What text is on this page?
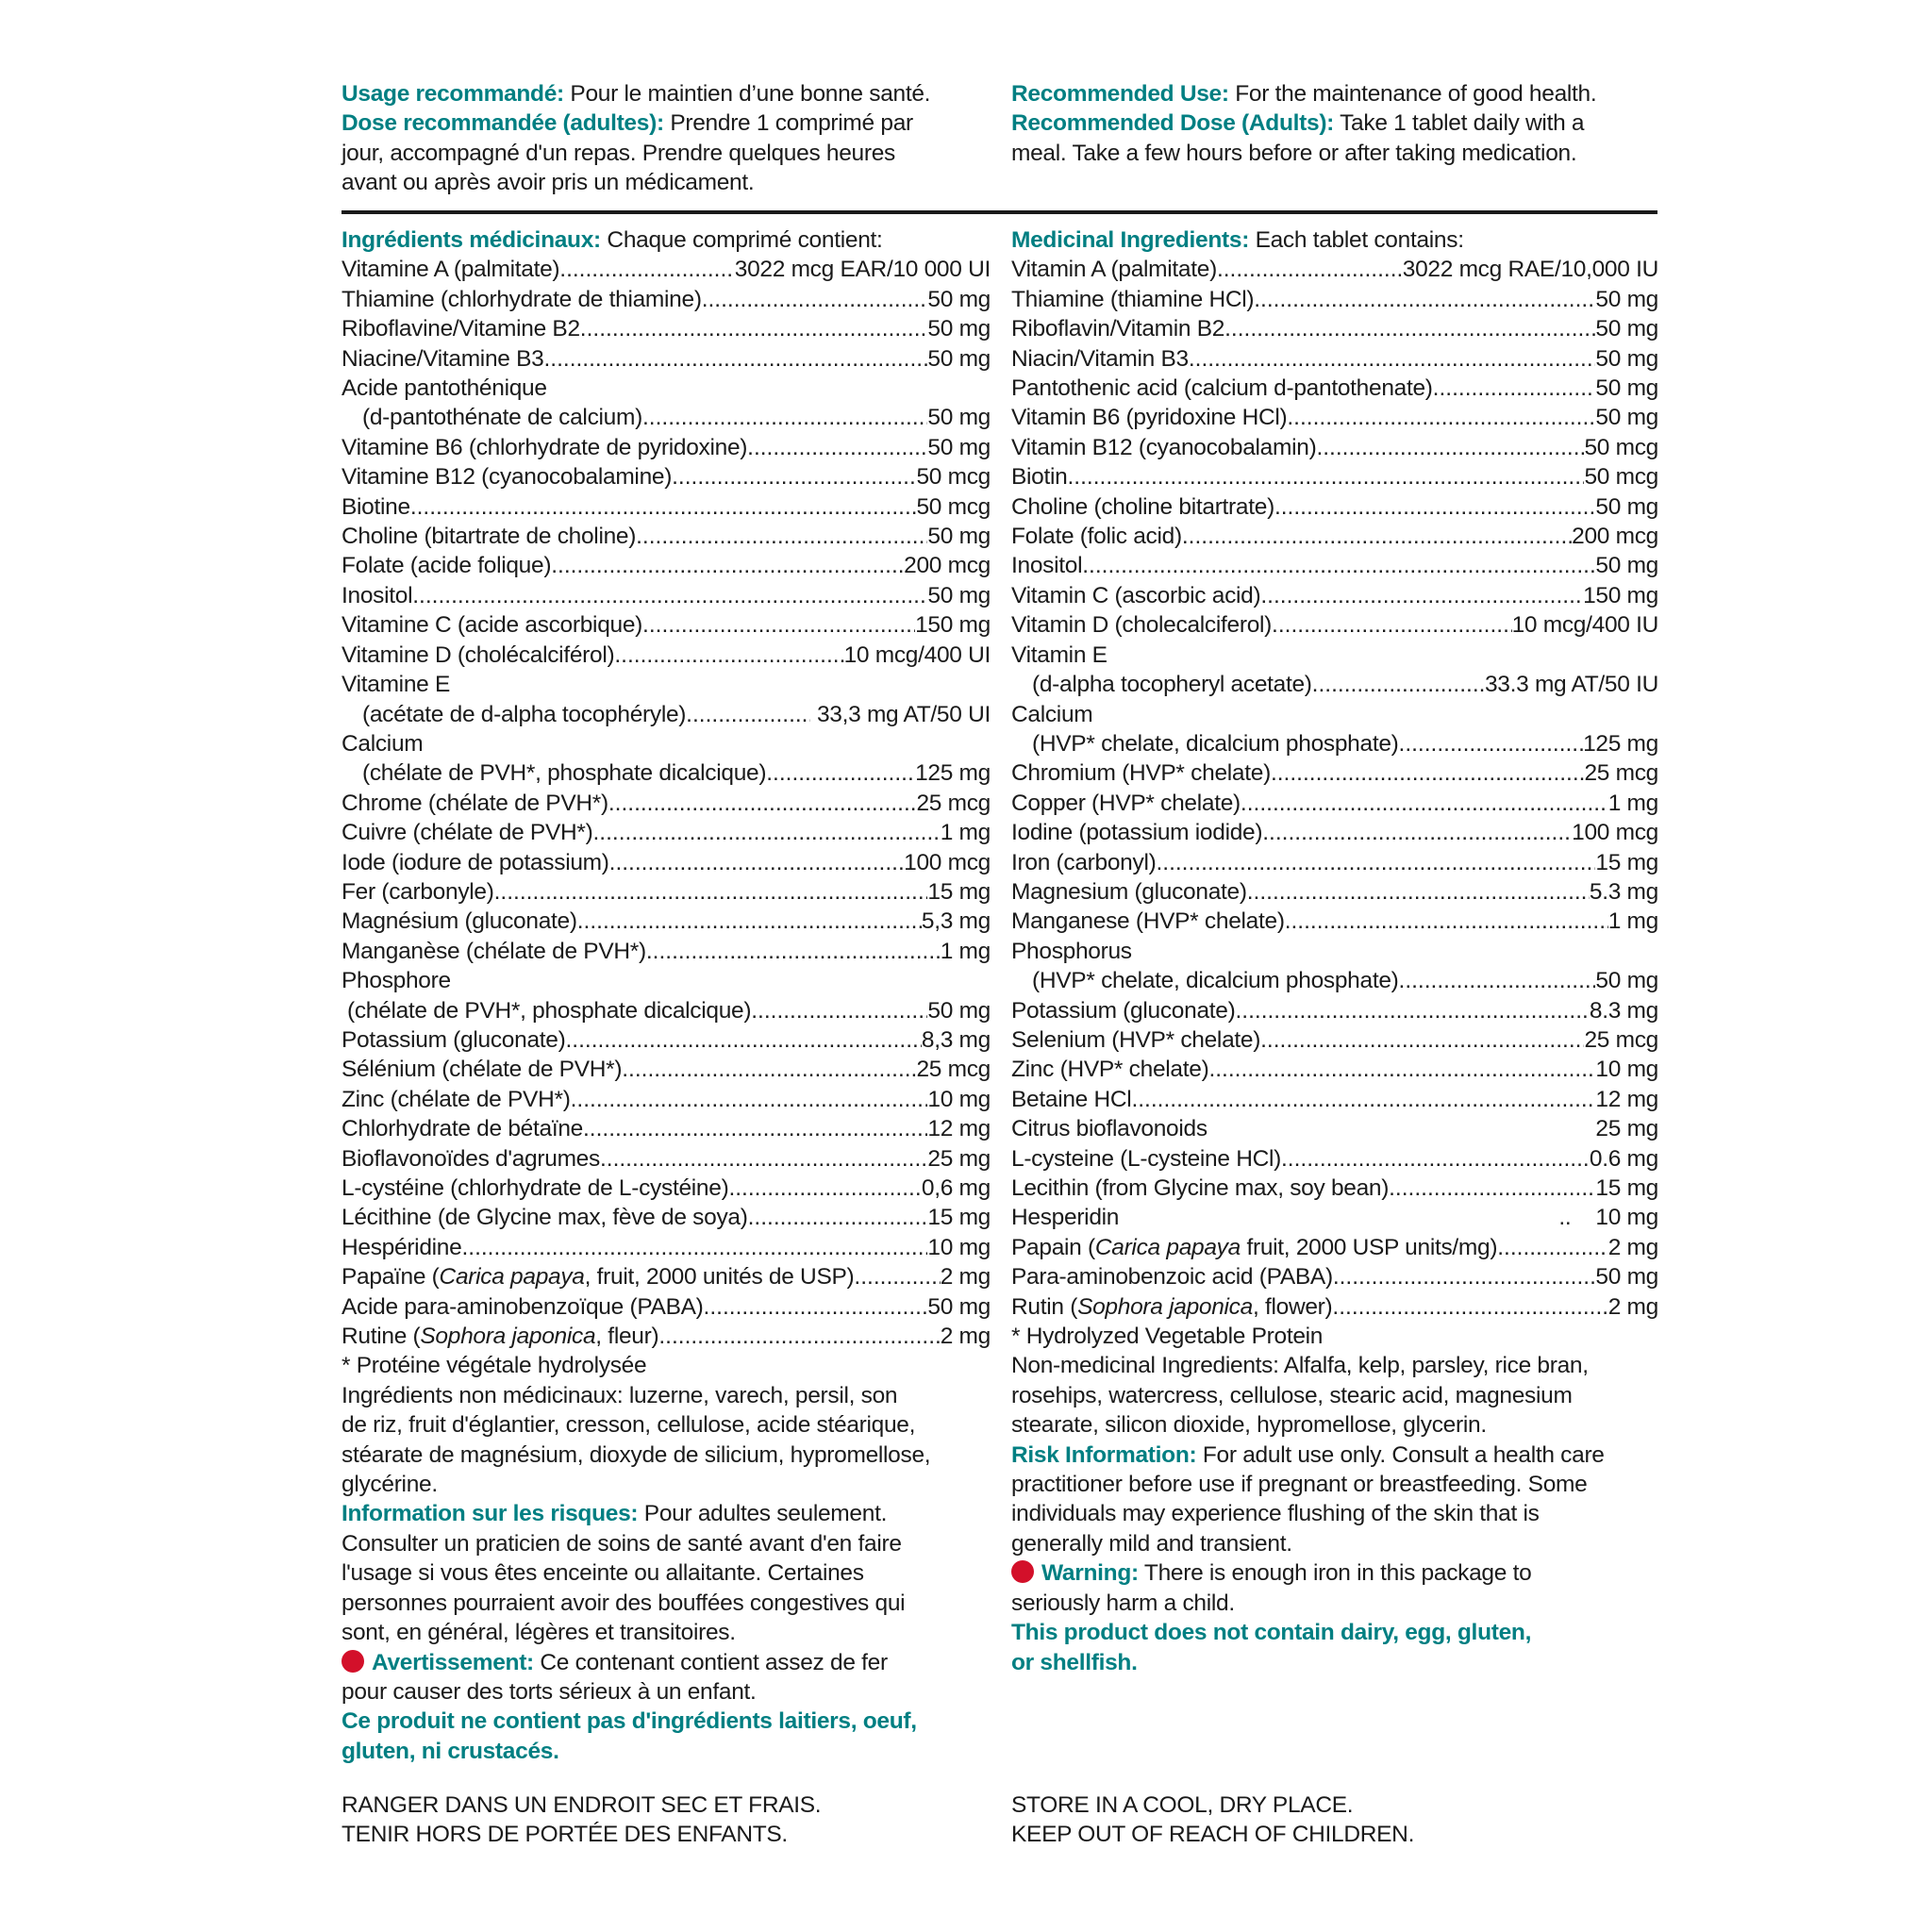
Usage recommandé: Pour le maintien d’une bonne santé.
Dose recommandée (adultes): Prendre 1 comprimé par
jour, accompagné d'un repas. Prendre quelques heures
avant ou après avoir pris un médicament.
Recommended Use: For the maintenance of good health.
Recommended Dose (Adults): Take 1 tablet daily with a
meal. Take a few hours before or after taking medication.
Ingrédients médicinaux: Chaque comprimé contient:
Vitamine A (palmitate) .....	3022 mcg EAR/10 000 UI
Thiamine (chlorhydrate de thiamine) .....	50 mg
Riboflavine/Vitamine B2 .....	50 mg
Niacine/Vitamine B3 .....	50 mg
Acide pantothénique
(d-pantothénate de calcium) .....	50 mg
Vitamine B6 (chlorhydrate de pyridoxine) .....	50 mg
Vitamine B12 (cyanocobalamine) .....	50 mcg
Biotine .....	50 mcg
Choline (bitartrate de choline) .....	50 mg
Folate (acide folique) .....	200 mcg
Inositol .....	50 mg
Vitamine C (acide ascorbique) .....	150 mg
Vitamine D (cholécalciférol) .....	10 mcg/400 UI
Vitamine E
(acétate de d-alpha tocophéryle) .....	33,3 mg AT/50 UI
Calcium
(chélate de PVH*, phosphate dicalcique) .....	125 mg
Chrome (chélate de PVH*) .....	25 mcg
Cuivre (chélate de PVH*) .....	1 mg
Iode (iodure de potassium) .....	100 mcg
Fer (carbonyle) .....	15 mg
Magnésium (gluconate) .....	5,3 mg
Manganèse (chélate de PVH*) .....	1 mg
Phosphore
(chélate de PVH*, phosphate dicalcique) .....	50 mg
Potassium (gluconate) .....	8,3 mg
Sélénium (chélate de PVH*) .....	25 mcg
Zinc (chélate de PVH*) .....	10 mg
Chlorhydrate de bétaïne .....	12 mg
Bioflavonoïdes d'agrumes .....	25 mg
L-cystéine (chlorhydrate de L-cystéine) .....	0,6 mg
Lécithine (de Glycine max, fève de soya) .....	15 mg
Hespéridine .....	10 mg
Papaïne (Carica papaya, fruit, 2000 unités de USP) .....	2 mg
Acide para-aminobenzoïque (PABA) .....	50 mg
Rutine (Sophora japonica, fleur) .....	2 mg
* Protéine végétale hydrolysée
Ingrédients non médicinaux: luzerne, varech, persil, son
de riz, fruit d'églantier, cresson, cellulose, acide stéarique,
stéarate de magnésium, dioxyde de silicium, hypromellose,
glycérine.
Information sur les risques: Pour adultes seulement.
Consulter un praticien de soins de santé avant d'en faire
l'usage si vous êtes enceinte ou allaitante. Certaines
personnes pourraient avoir des bouffées congestives qui
sont, en général, légères et transitoires.
Avertissement: Ce contenant contient assez de fer
pour causer des torts sérieux à un enfant.
Ce produit ne contient pas d'ingrédients laitiers, oeuf,
gluten, ni crustacés.
Medicinal Ingredients: Each tablet contains:
Vitamin A (palmitate) .....	3022 mcg RAE/10,000 IU
Thiamine (thiamine HCl) .....	50 mg
Riboflavin/Vitamin B2 .....	50 mg
Niacin/Vitamin B3 .....	50 mg
Pantothenic acid (calcium d-pantothenate) .....	50 mg
Vitamin B6 (pyridoxine HCl) .....	50 mg
Vitamin B12 (cyanocobalamin) .....	50 mcg
Biotin .....	50 mcg
Choline (choline bitartrate) .....	50 mg
Folate (folic acid) .....	200 mcg
Inositol .....	50 mg
Vitamin C (ascorbic acid) .....	150 mg
Vitamin D (cholecalciferol) .....	10 mcg/400 IU
Vitamin E
(d-alpha tocopheryl acetate) .....	33.3 mg AT/50 IU
Calcium
(HVP* chelate, dicalcium phosphate) .....	125 mg
Chromium (HVP* chelate) .....	25 mcg
Copper (HVP* chelate) .....	1 mg
Iodine (potassium iodide) .....	100 mcg
Iron (carbonyl) .....	15 mg
Magnesium (gluconate) .....	5.3 mg
Manganese (HVP* chelate) .....	1 mg
Phosphorus
(HVP* chelate, dicalcium phosphate) .....	50 mg
Potassium (gluconate) .....	8.3 mg
Selenium (HVP* chelate) .....	25 mcg
Zinc (HVP* chelate) .....	10 mg
Betaine HCl .....	12 mg
Citrus bioflavonoids	25 mg
L-cysteine (L-cysteine HCl) .....	0.6 mg
Lecithin (from Glycine max, soy bean) .....	15 mg
Hesperidin	..    10 mg
Papain (Carica papaya fruit, 2000 USP units/mg) .....	2 mg
Para-aminobenzoic acid (PABA) .....	50 mg
Rutin (Sophora japonica, flower) .....	2 mg
* Hydrolyzed Vegetable Protein
Non-medicinal Ingredients: Alfalfa, kelp, parsley, rice bran,
rosehips, watercress, cellulose, stearic acid, magnesium
stearate, silicon dioxide, hypromellose, glycerin.
Risk Information: For adult use only. Consult a health care
practitioner before use if pregnant or breastfeeding. Some
individuals may experience flushing of the skin that is
generally mild and transient.
Warning: There is enough iron in this package to
seriously harm a child.
This product does not contain dairy, egg, gluten,
or shellfish.
RANGER DANS UN ENDROIT SEC ET FRAIS.
TENIR HORS DE PORTÉE DES ENFANTS.
STORE IN A COOL, DRY PLACE.
KEEP OUT OF REACH OF CHILDREN.
